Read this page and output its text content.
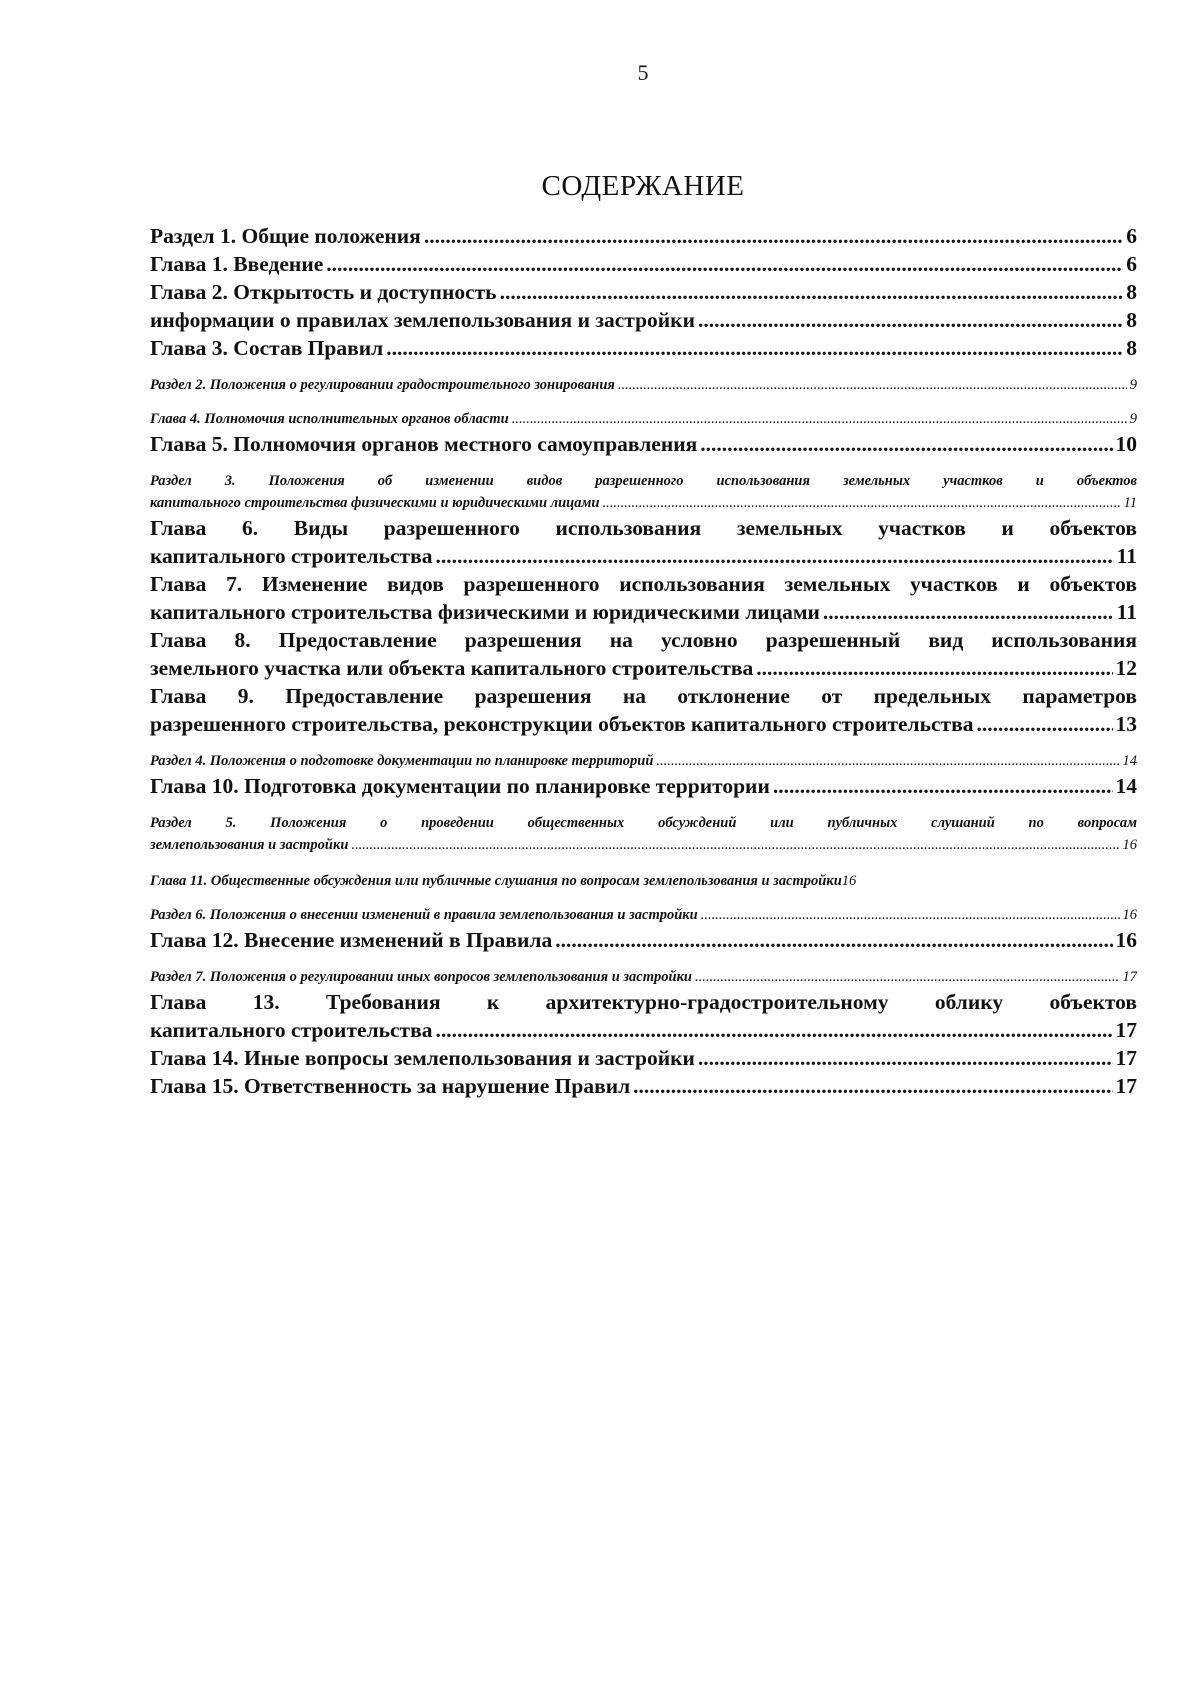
5
СОДЕРЖАНИЕ
Раздел 1. Общие положения .....	6
Глава 1. Введение .....	6
Глава 2. Открытость и доступность .....	8
информации о правилах землепользования и застройки .....	8
Глава 3. Состав Правил .....	8
Раздел 2. Положения о регулировании градостроительного зонирования .....	9
Глава 4. Полномочия исполнительных органов области .....	9
Глава 5. Полномочия органов местного самоуправления .....	10
Раздел 3. Положения об изменении видов разрешенного использования земельных участков и объектов
капитального строительства физическими и юридическими лицами .....	11
Глава 6. Виды разрешенного использования земельных участков и объектов
капитального строительства .....	11
Глава 7. Изменение видов разрешенного использования земельных участков и объектов
капитального строительства физическими и юридическими лицами .....	11
Глава 8. Предоставление разрешения на условно разрешенный вид использования
земельного участка или объекта капитального строительства .....	12
Глава 9. Предоставление разрешения на отклонение от предельных параметров
разрешенного строительства, реконструкции объектов капитального строительства .....	13
Раздел 4. Положения о подготовке документации по планировке территорий .....	14
Глава 10. Подготовка документации по планировке территории .....	14
Раздел 5. Положения о проведении общественных обсуждений или публичных слушаний по вопросам
землепользования и застройки .....	16
Глава 11. Общественные обсуждения или публичные слушания по вопросам землепользования и застройки 16
Раздел 6. Положения о внесении изменений в правила землепользования и застройки .....	16
Глава 12. Внесение изменений в Правила .....	16
Раздел 7. Положения о регулировании иных вопросов землепользования и застройки .....	17
Глава 13. Требования к архитектурно-градостроительному облику объектов
капитального строительства .....	17
Глава 14. Иные вопросы землепользования и застройки .....	17
Глава 15. Ответственность за нарушение Правил .....	17
